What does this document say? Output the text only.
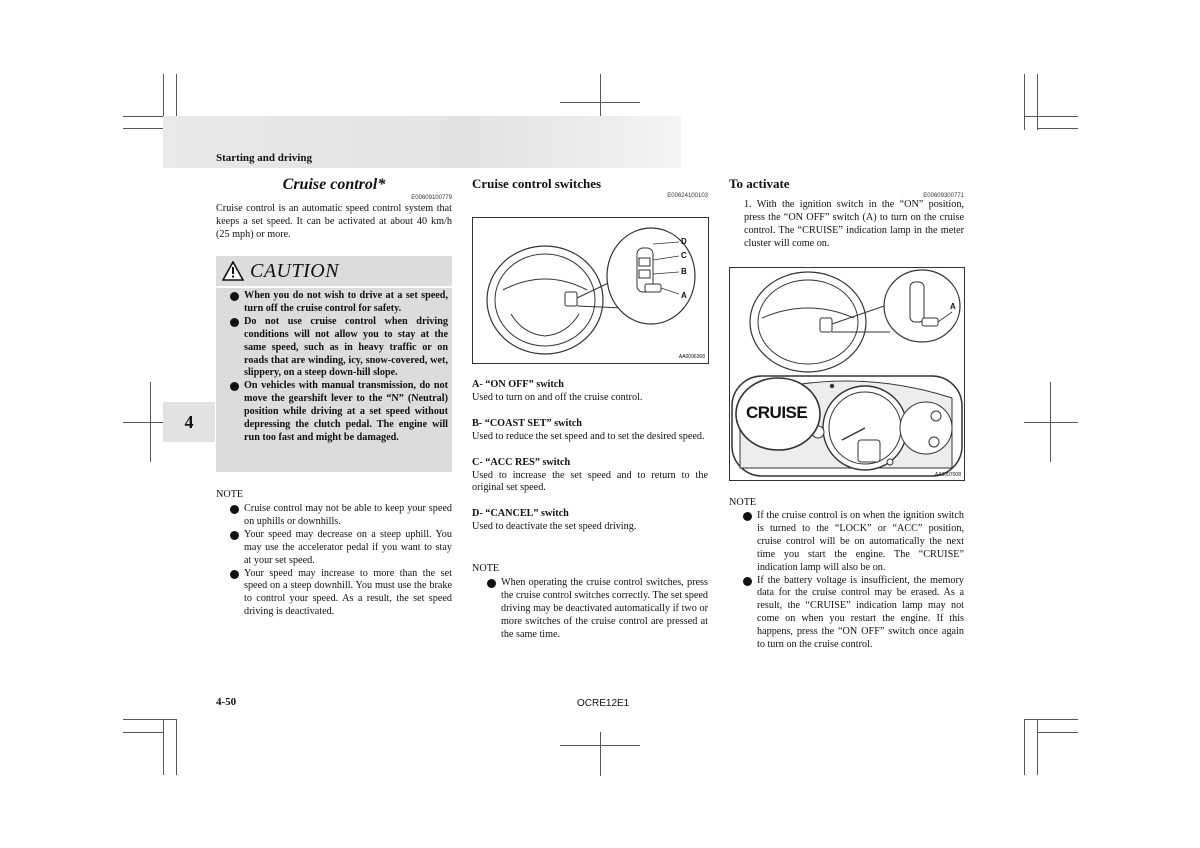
Starting and driving
4
Cruise control*
E00609100779
Cruise control is an automatic speed control system that keeps a set speed. It can be activated at about 40 km/h (25 mph) or more.
CAUTION
When you do not wish to drive at a set speed, turn off the cruise control for safety.
Do not use cruise control when driving conditions will not allow you to stay at the same speed, such as in heavy traffic or on roads that are winding, icy, snow-covered, wet, slippery, on a steep down-hill slope.
On vehicles with manual transmission, do not move the gearshift lever to the “N” (Neutral) position while driving at a set speed without depressing the clutch pedal. The engine will run too fast and might be damaged.
NOTE
Cruise control may not be able to keep your speed on uphills or downhills.
Your speed may decrease on a steep uphill. You may use the accelerator pedal if you want to stay at your set speed.
Your speed may increase to more than the set speed on a steep downhill. You must use the brake to control your speed. As a result, the set speed driving is deactivated.
Cruise control switches
E00624100103
D
C
B
A
AA0096368
A- “ON OFF” switch
Used to turn on and off the cruise control.
B- “COAST SET” switch
Used to reduce the set speed and to set the desired speed.
C- “ACC RES” switch
Used to increase the set speed and to return to the original set speed.
D- “CANCEL” switch
Used to deactivate the set speed driving.
NOTE
When operating the cruise control switches, press the cruise control switches correctly. The set speed driving may be deactivated automatically if two or more switches of the cruise control are pressed at the same time.
To activate
E00609300771
1. With the ignition switch in the “ON” position, press the “ON OFF” switch (A) to turn on the cruise control. The “CRUISE” indication lamp in the meter cluster will come on.
A
CRUISE
AA3007008
NOTE
If the cruise control is on when the ignition switch is turned to the “LOCK” or “ACC” position, cruise control will be on automatically the next time you start the engine. The “CRUISE” indication lamp will also be on.
If the battery voltage is insufficient, the memory data for the cruise control may be erased. As a result, the “CRUISE” indication lamp may not come on when you restart the engine. If this happens, press the “ON OFF” switch once again to turn on the cruise control.
4-50	OCRE12E1
